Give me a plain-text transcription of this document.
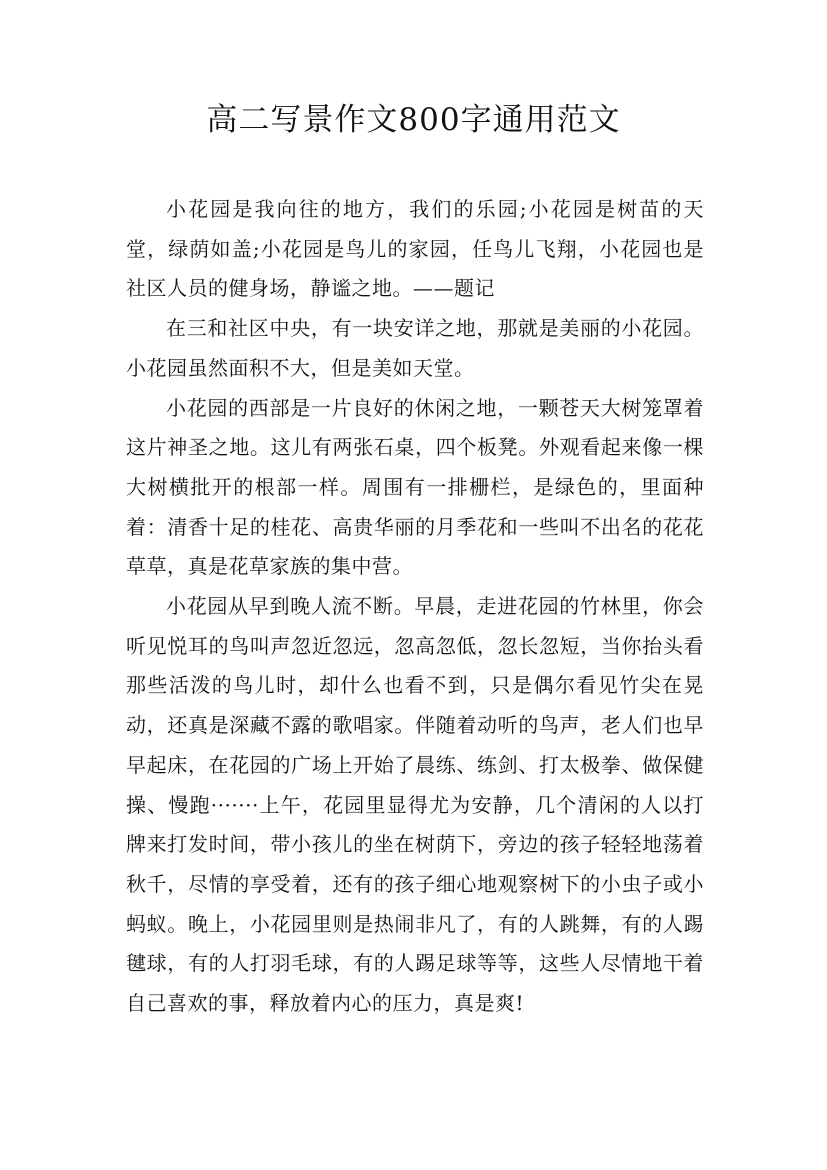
高二写景作文800字通用范文

小花园是我向往的地方，我们的乐园;小花园是树苗的天堂，绿荫如盖;小花园是鸟儿的家园，任鸟儿飞翔，小花园也是社区人员的健身场，静谧之地。——题记

在三和社区中央，有一块安详之地，那就是美丽的小花园。小花园虽然面积不大，但是美如天堂。

小花园的西部是一片良好的休闲之地，一颗苍天大树笼罩着这片神圣之地。这儿有两张石桌，四个板凳。外观看起来像一棵大树横批开的根部一样。周围有一排栅栏，是绿色的，里面种着：清香十足的桂花、高贵华丽的月季花和一些叫不出名的花花草草，真是花草家族的集中营。

小花园从早到晚人流不断。早晨，走进花园的竹林里，你会听见悦耳的鸟叫声忽近忽远，忽高忽低，忽长忽短，当你抬头看那些活泼的鸟儿时，却什么也看不到，只是偶尔看见竹尖在晃动，还真是深藏不露的歌唱家。伴随着动听的鸟声，老人们也早早起床，在花园的广场上开始了晨练、练剑、打太极拳、做保健操、慢跑·······上午，花园里显得尤为安静，几个清闲的人以打牌来打发时间，带小孩儿的坐在树荫下，旁边的孩子轻轻地荡着秋千，尽情的享受着，还有的孩子细心地观察树下的小虫子或小蚂蚁。晚上，小花园里则是热闹非凡了，有的人跳舞，有的人踢毽球，有的人打羽毛球，有的人踢足球等等，这些人尽情地干着自己喜欢的事，释放着内心的压力，真是爽!
